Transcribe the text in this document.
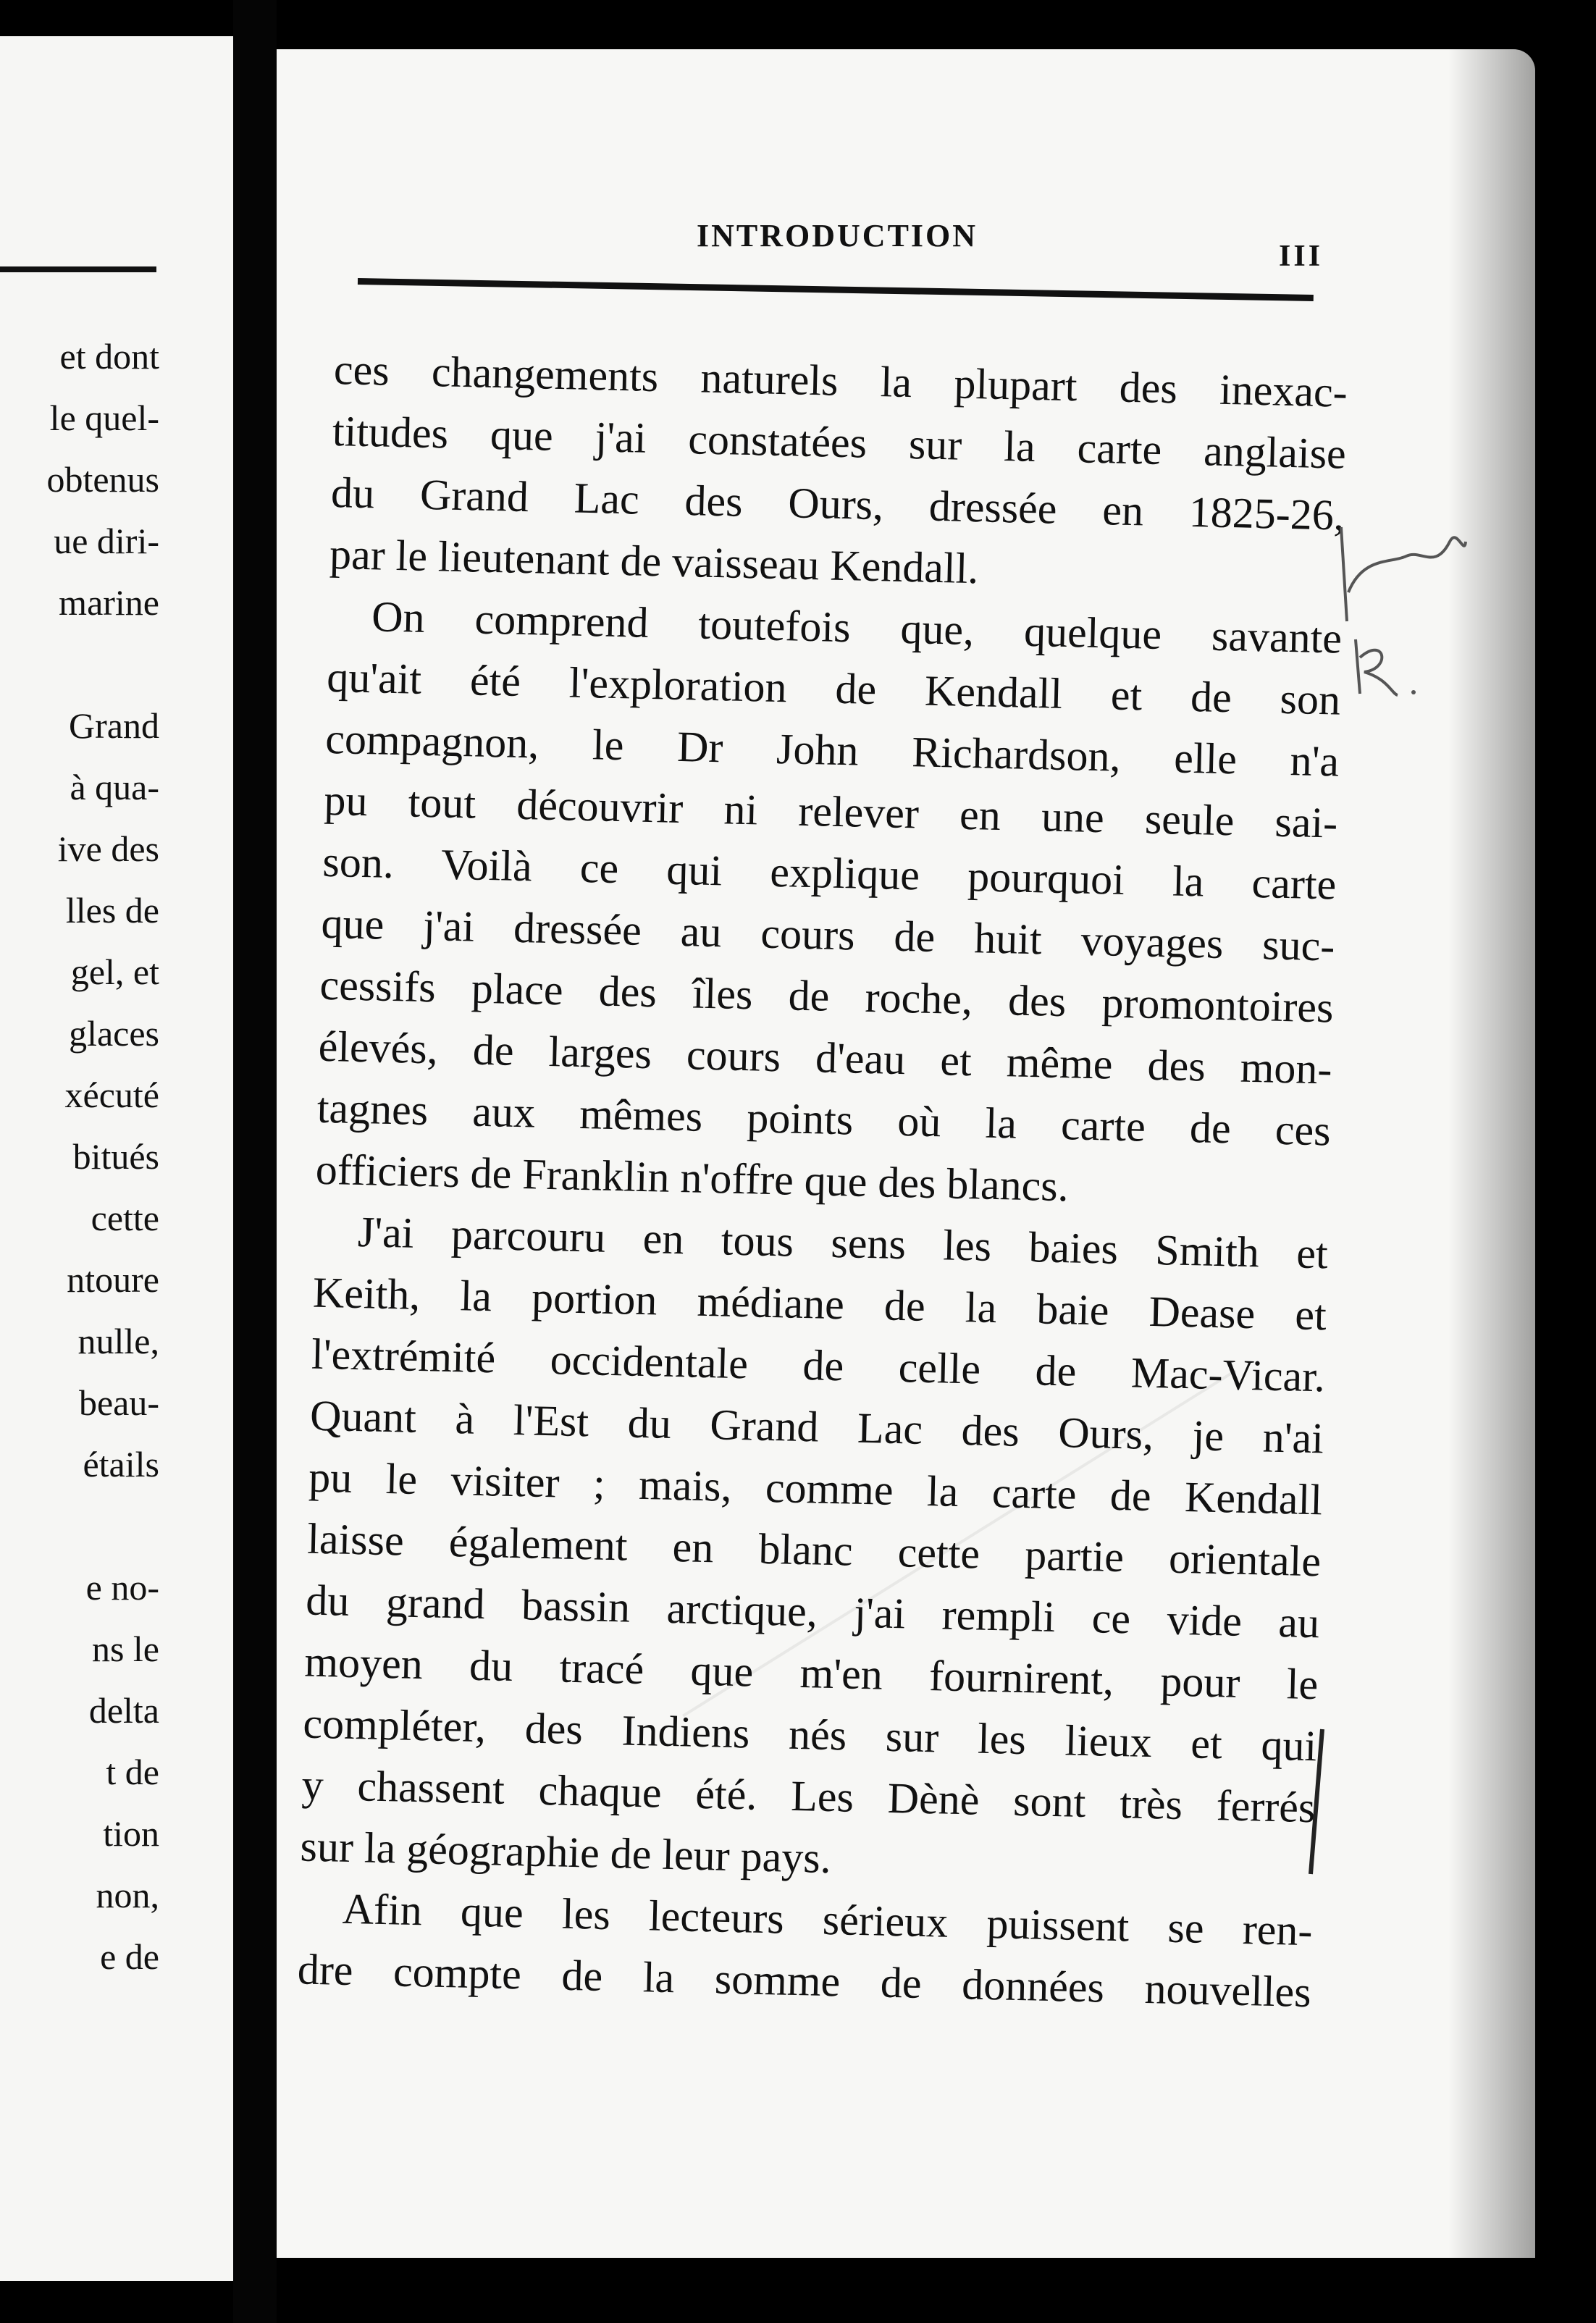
et dont
le quel-
obtenus
ue diri-
marine
Grand
à qua-
ive des
lles de
gel, et
glaces
xécuté
bitués
cette
ntoure
nulle,
beau-
étails
e no-
ns le
delta
t de
tion
non,
e de
INTRODUCTION
III
ces changements naturels la plupart des inexac-
titudes que j'ai constatées sur la carte anglaise
du Grand Lac des Ours, dressée en 1825-26,
par le lieutenant de vaisseau Kendall.
On comprend toutefois que, quelque savante
qu'ait été l'exploration de Kendall et de son
compagnon, le Dr John Richardson, elle n'a
pu tout découvrir ni relever en une seule sai-
son. Voilà ce qui explique pourquoi la carte
que j'ai dressée au cours de huit voyages suc-
cessifs place des îles de roche, des promontoires
élevés, de larges cours d'eau et même des mon-
tagnes aux mêmes points où la carte de ces
officiers de Franklin n'offre que des blancs.
J'ai parcouru en tous sens les baies Smith et
Keith, la portion médiane de la baie Dease et
l'extrémité occidentale de celle de Mac-Vicar.
Quant à l'Est du Grand Lac des Ours, je n'ai
pu le visiter ; mais, comme la carte de Kendall
laisse également en blanc cette partie orientale
du grand bassin arctique, j'ai rempli ce vide au
moyen du tracé que m'en fournirent, pour le
compléter, des Indiens nés sur les lieux et qui
y chassent chaque été. Les Dènè sont très ferrés
sur la géographie de leur pays.
Afin que les lecteurs sérieux puissent se ren-
dre compte de la somme de données nouvelles
